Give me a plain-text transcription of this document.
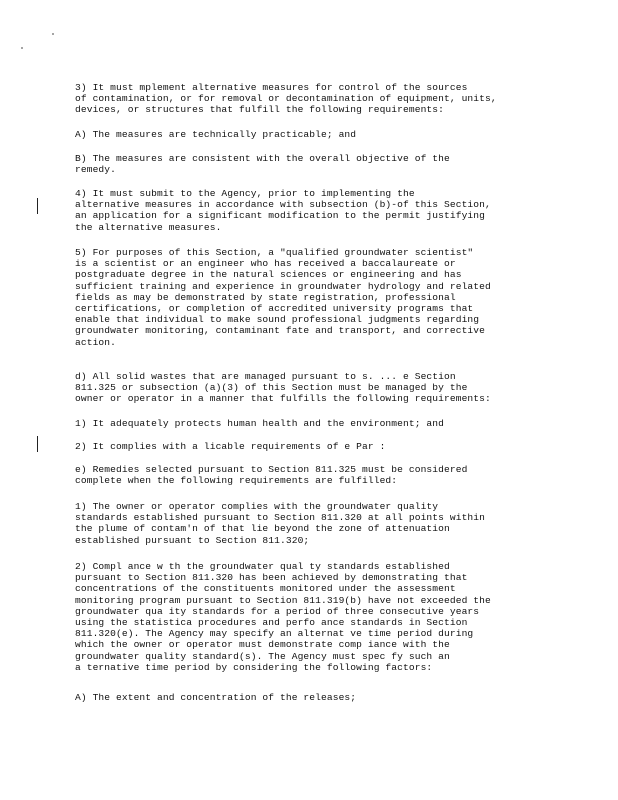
3) It must mplement alternative measures for control of the sources
of contamination, or for removal or decontamination of equipment, units,
devices, or structures that fulfill the following requirements:
A) The measures are technically practicable; and
B) The measures are consistent with the overall objective of the
remedy.
4) It must submit to the Agency, prior to implementing the
alternative measures in accordance with subsection (b)-of this Section,
an application for a significant modification to the permit justifying
the alternative measures.
5) For purposes of this Section, a "qualified groundwater scientist"
is a scientist or an engineer who has received a baccalaureate or
postgraduate degree in the natural sciences or engineering and has
sufficient training and experience in groundwater hydrology and related
fields as may be demonstrated by state registration, professional
certifications, or completion of accredited university programs that
enable that individual to make sound professional judgments regarding
groundwater monitoring, contaminant fate and transport, and corrective
action.
d) All solid wastes that are managed pursuant to s. ... e Section
811.325 or subsection (a)(3) of this Section must be managed by the
owner or operator in a manner that fulfills the following requirements:
1) It adequately protects human health and the environment; and
2) It complies with a licable requirements of e Par :
e) Remedies selected pursuant to Section 811.325 must be considered
complete when the following requirements are fulfilled:
1) The owner or operator complies with the groundwater quality
standards established pursuant to Section 811.320 at all points within
the plume of contam'n of that lie beyond the zone of attenuation
established pursuant to Section 811.320;
2) Compl ance w th the groundwater qual ty standards established
pursuant to Section 811.320 has been achieved by demonstrating that
concentrations of the constituents monitored under the assessment
monitoring program pursuant to Section 811.319(b) have not exceeded the
groundwater qua ity standards for a period of three consecutive years
using the statistica procedures and perfo ance standards in Section
811.320(e). The Agency may specify an alternat ve time period during
which the owner or operator must demonstrate comp iance with the
groundwater quality standard(s). The Agency must spec fy such an
a ternative time period by considering the following factors:
A) The extent and concentration of the releases;
